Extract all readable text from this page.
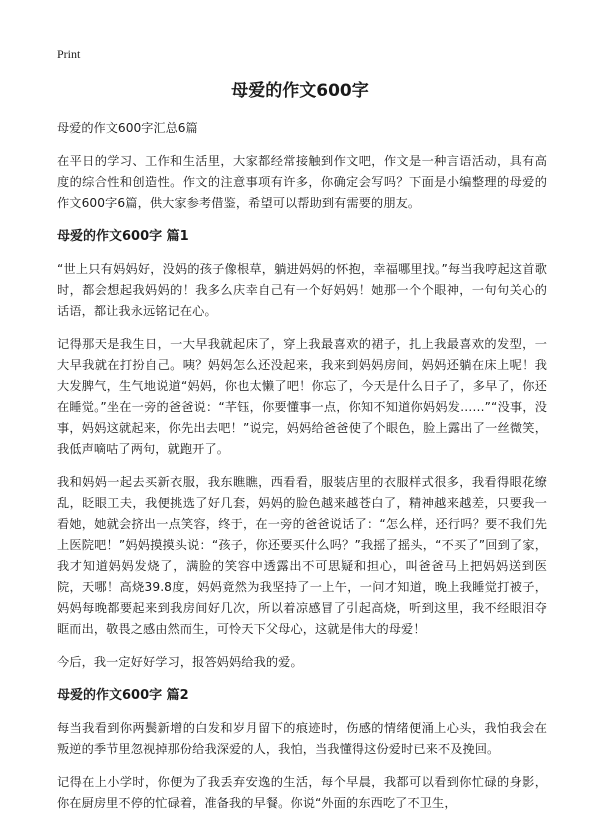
Print
母爱的作文600字

母爱的作文600字汇总6篇

在平日的学习、工作和生活里，大家都经常接触到作文吧，作文是一种言语活动，具有高度的综合性和创造性。作文的注意事项有许多，你确定会写吗？下面是小编整理的母爱的作文600字6篇，供大家参考借鉴，希望可以帮助到有需要的朋友。

母爱的作文600字 篇1

“世上只有妈妈好，没妈的孩子像根草，躺进妈妈的怀抱，幸福哪里找。”每当我哼起这首歌时，都会想起我妈妈的！我多么庆幸自己有一个好妈妈！她那一个个眼神，一句句关心的话语，都让我永远铭记在心。

记得那天是我生日，一大早我就起床了，穿上我最喜欢的裙子，扎上我最喜欢的发型，一大早我就在打扮自己。咦？妈妈怎么还没起来，我来到妈妈房间，妈妈还躺在床上呢！我大发脾气，生气地说道“妈妈，你也太懒了吧！你忘了，今天是什么日子了，多早了，你还在睡觉。”坐在一旁的爸爸说：“芊钰，你要懂事一点，你知不知道你妈妈发……”“没事，没事，妈妈这就起来，你先出去吧！”说完，妈妈给爸爸使了个眼色，脸上露出了一丝微笑，我低声嘀咕了两句，就跑开了。

我和妈妈一起去买新衣服，我东瞧瞧，西看看，服装店里的衣服样式很多，我看得眼花缭乱，眨眼工夫，我便挑选了好几套，妈妈的脸色越来越苍白了，精神越来越差，只要我一看她，她就会挤出一点笑容，终于，在一旁的爸爸说话了：“怎么样，还行吗？要不我们先上医院吧！”妈妈摸摸头说：“孩子，你还要买什么吗？”我摇了摇头，“不买了”回到了家，我才知道妈妈发烧了，满脸的笑容中透露出不可思疑和担心，叫爸爸马上把妈妈送到医院，天哪！高烧39.8度，妈妈竟然为我坚持了一上午，一问才知道，晚上我睡觉打被子，妈妈每晚都要起来到我房间好几次，所以着凉感冒了引起高烧，听到这里，我不经眼泪夺眶而出，敬畏之感由然而生，可怜天下父母心，这就是伟大的母爱！

今后，我一定好好学习，报答妈妈给我的爱。

母爱的作文600字 篇2

每当我看到你两鬓新增的白发和岁月留下的痕迹时，伤感的情绪便涌上心头，我怕我会在叛逆的季节里忽视掉那份给我深爱的人，我怕，当我懂得这份爱时已来不及挽回。

记得在上小学时，你便为了我丢弃安逸的生活，每个早晨，我都可以看到你忙碌的身影，你在厨房里不停的忙碌着，准备我的早餐。你说“外面的东西吃了不卫生，
